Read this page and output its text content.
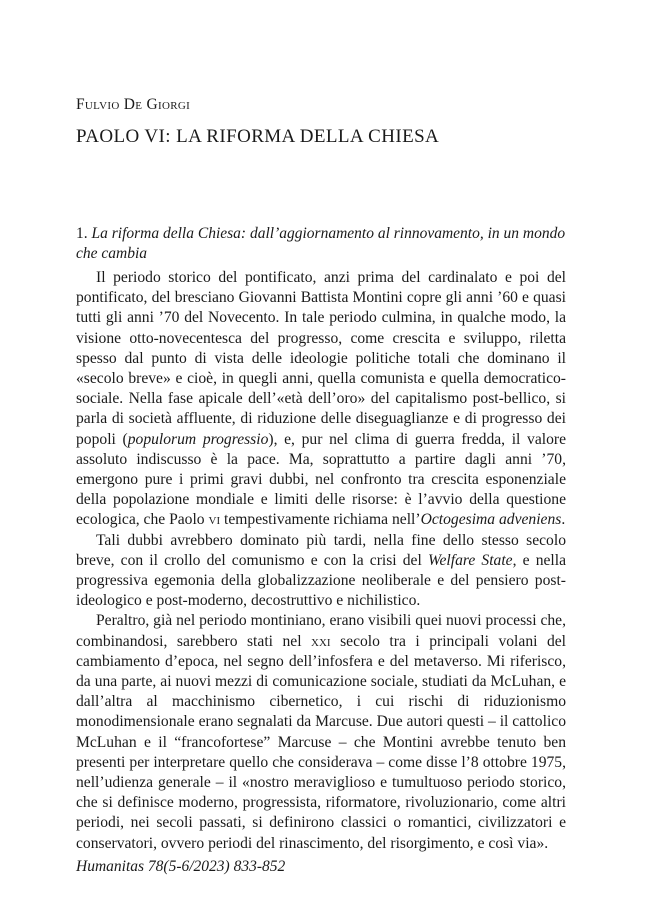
Fulvio De Giorgi
PAOLO VI: LA RIFORMA DELLA CHIESA
1. La riforma della Chiesa: dall’aggiornamento al rinnovamento, in un mondo che cambia

Il periodo storico del pontificato, anzi prima del cardinalato e poi del pontificato, del bresciano Giovanni Battista Montini copre gli anni ’60 e quasi tutti gli anni ’70 del Novecento. In tale periodo culmina, in qualche modo, la visione otto-novecentesca del progresso, come crescita e sviluppo, riletta spesso dal punto di vista delle ideologie politiche totali che dominano il «secolo breve» e cioè, in quegli anni, quella comunista e quella democratico-sociale. Nella fase apicale dell’«età dell’oro» del capitalismo post-bellico, si parla di società affluente, di riduzione delle diseguaglianze e di progresso dei popoli (populorum progressio), e, pur nel clima di guerra fredda, il valore assoluto indiscusso è la pace. Ma, soprattutto a partire dagli anni ’70, emergono pure i primi gravi dubbi, nel confronto tra crescita esponenziale della popolazione mondiale e limiti delle risorse: è l’avvio della questione ecologica, che Paolo vi tempestivamente richiama nell’Octogesima adveniens.

Tali dubbi avrebbero dominato più tardi, nella fine dello stesso secolo breve, con il crollo del comunismo e con la crisi del Welfare State, e nella progressiva egemonia della globalizzazione neoliberale e del pensiero post-ideologico e post-moderno, decostruttivo e nichilistico.

Peraltro, già nel periodo montiniano, erano visibili quei nuovi processi che, combinandosi, sarebbero stati nel xxi secolo tra i principali volani del cambiamento d’epoca, nel segno dell’infosfera e del metaverso. Mi riferisco, da una parte, ai nuovi mezzi di comunicazione sociale, studiati da McLuhan, e dall’altra al macchinismo cibernetico, i cui rischi di riduzionismo monodimensionale erano segnalati da Marcuse. Due autori questi – il cattolico McLuhan e il “francofortese” Marcuse – che Montini avrebbe tenuto ben presenti per interpretare quello che considerava – come disse l’8 ottobre 1975, nell’udienza generale – il «nostro meraviglioso e tumultuoso periodo storico, che si definisce moderno, progressista, riformatore, rivoluzionario, come altri periodi, nei secoli passati, si definirono classici o romantici, civilizzatori e conservatori, ovvero periodi del rinascimento, del risorgimento, e così via».

Humanitas 78(5-6/2023) 833-852
